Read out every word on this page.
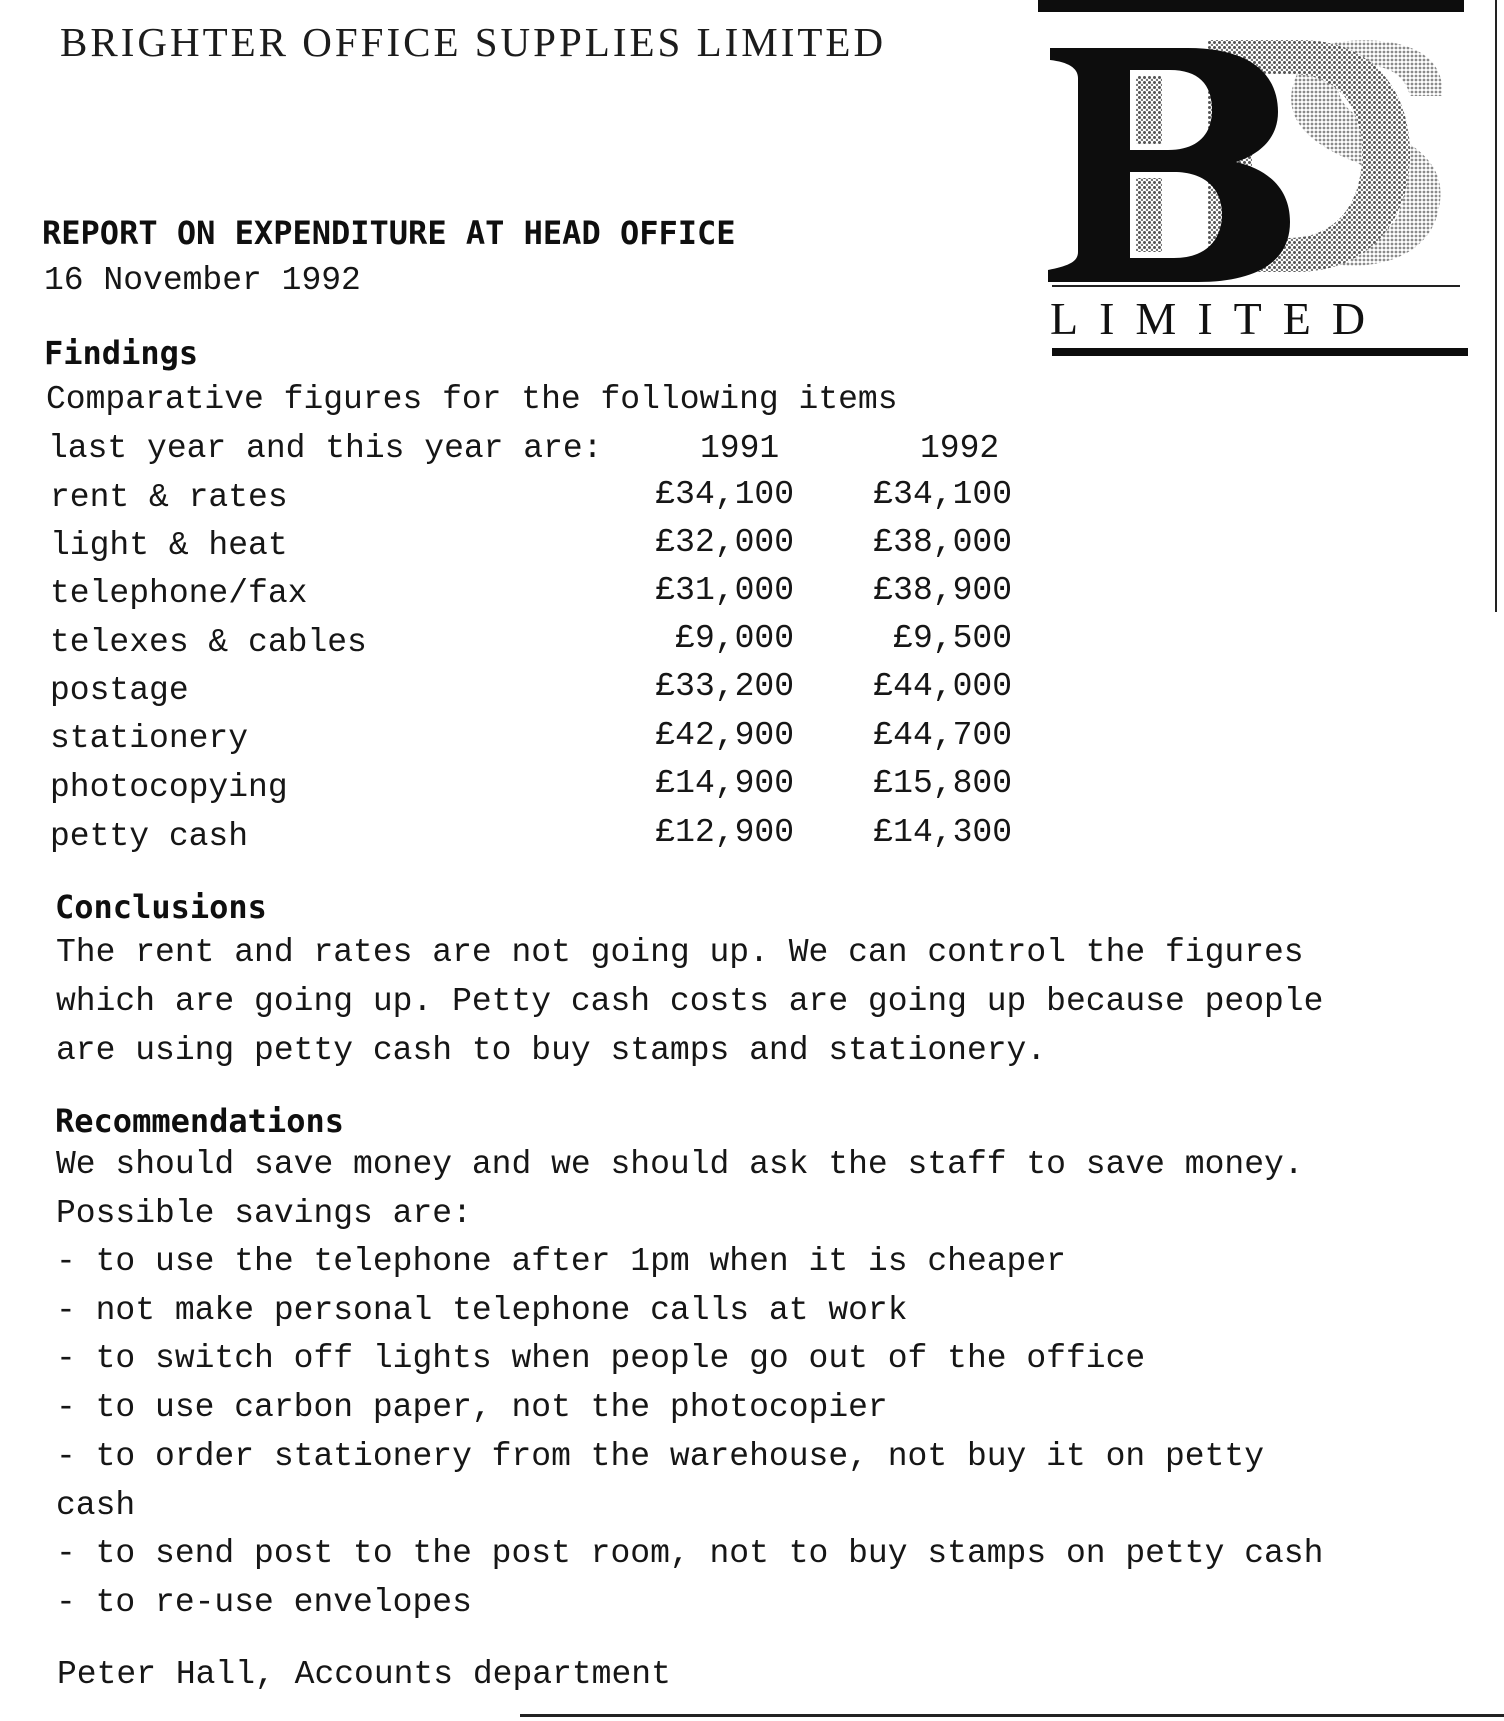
BRIGHTER OFFICE SUPPLIES LIMITED
LIMITED
REPORT ON EXPENDITURE AT HEAD OFFICE
16 November 1992
Findings
Comparative figures for the following items
last year and this year are:	1991	1992
rent & rates	£34,100 £34,100
light & heat	£32,000 £38,000
telephone/fax	£31,000 £38,900
telexes & cables	£9,000	£9,500
postage	£33,200 £44,000
stationery	£42,900 £44,700
photocopying	£14,900 £15,800
petty cash	£12,900 £14,300
Conclusions
The rent and rates are not going up. We can control the figures
which are going up. Petty cash costs are going up because people
are using petty cash to buy stamps and stationery.
Recommendations
We should save money and we should ask the staff to save money.
Possible savings are:
- to use the telephone after 1pm when it is cheaper
- not make personal telephone calls at work
- to switch off lights when people go out of the office
- to use carbon paper, not the photocopier
- to order stationery from the warehouse, not buy it on petty
cash
- to send post to the post room, not to buy stamps on petty cash
- to re-use envelopes
Peter Hall, Accounts department
